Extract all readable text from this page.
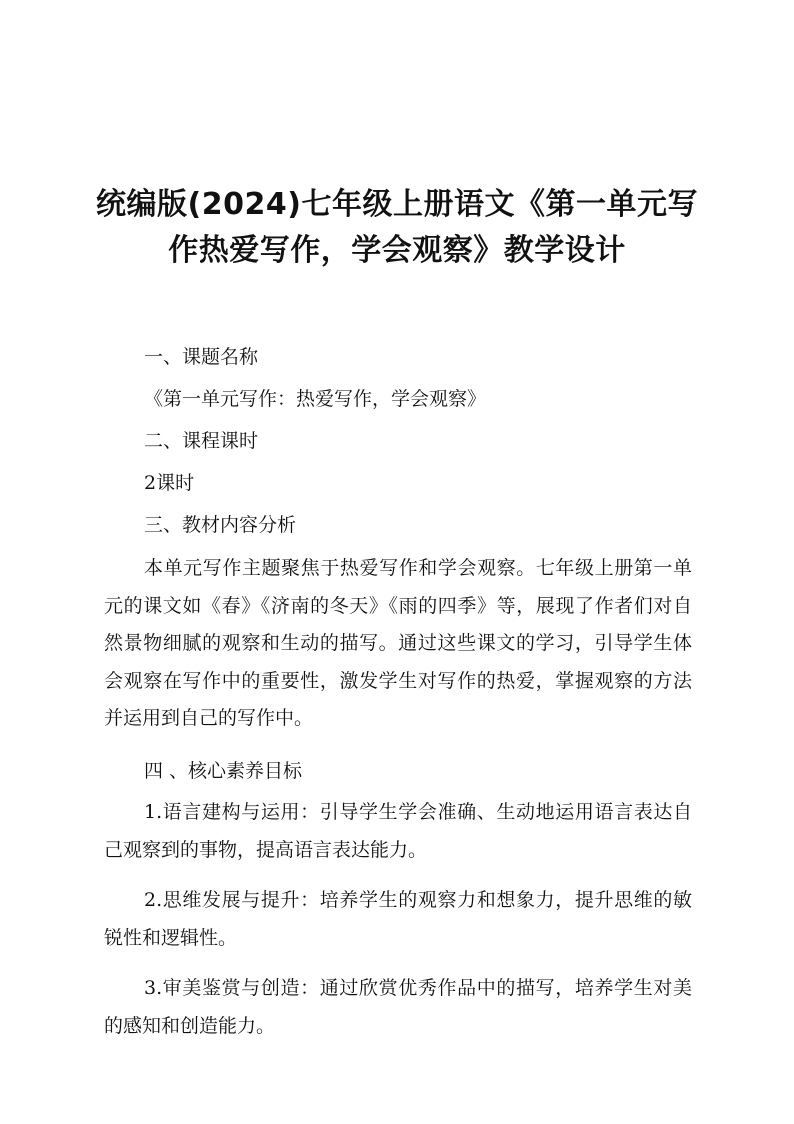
统编版(2024)七年级上册语文《第一单元写作热爱写作，学会观察》教学设计
一、课题名称
《第一单元写作：热爱写作，学会观察》
二、课程课时
2课时
三、教材内容分析
本单元写作主题聚焦于热爱写作和学会观察。七年级上册第一单元的课文如《春》《济南的冬天》《雨的四季》等，展现了作者们对自然景物细腻的观察和生动的描写。通过这些课文的学习，引导学生体会观察在写作中的重要性，激发学生对写作的热爱，掌握观察的方法并运用到自己的写作中。
四 、核心素养目标
1.语言建构与运用：引导学生学会准确、生动地运用语言表达自己观察到的事物，提高语言表达能力。
2.思维发展与提升：培养学生的观察力和想象力，提升思维的敏锐性和逻辑性。
3.审美鉴赏与创造：通过欣赏优秀作品中的描写，培养学生对美的感知和创造能力。
